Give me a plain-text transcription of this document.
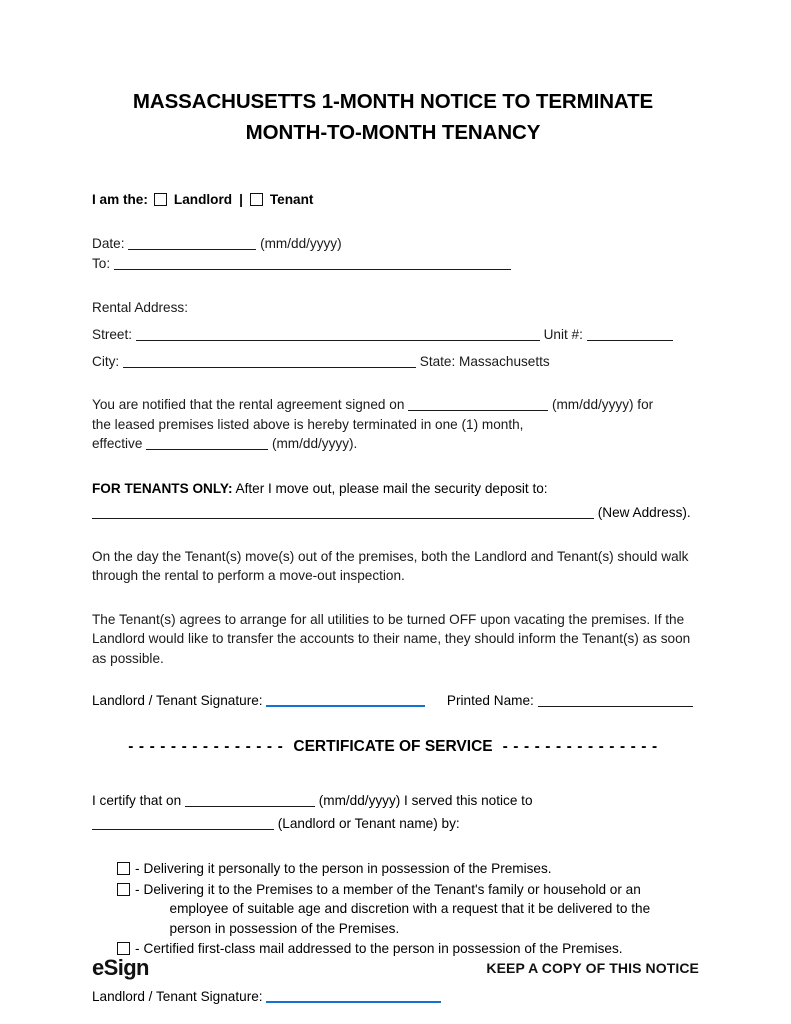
MASSACHUSETTS 1-MONTH NOTICE TO TERMINATE
MONTH-TO-MONTH TENANCY
I am the: Landlord | Tenant
Date:	(mm/dd/yyyy)
To:
Rental Address:
Street:	Unit #:
City:	State: Massachusetts
You are notified that the rental agreement signed on	(mm/dd/yyyy) for
the leased premises listed above is hereby terminated in one (1) month,
effective	(mm/dd/yyyy).
FOR TENANTS ONLY: After I move out, please mail the security deposit to:
(New Address).
On the day the Tenant(s) move(s) out of the premises, both the Landlord and Tenant(s) should walk through the rental to perform a move-out inspection.
The Tenant(s) agrees to arrange for all utilities to be turned OFF upon vacating the premises. If the Landlord would like to transfer the accounts to their name, they should inform the Tenant(s) as soon as possible.
Landlord / Tenant Signature:	Printed Name:
- - - - - - - - - - - - - - - CERTIFICATE OF SERVICE - - - - - - - - - - - - - - -
I certify that on	(mm/dd/yyyy) I served this notice to
(Landlord or Tenant name) by:
- Delivering it personally to the person in possession of the Premises.
- Delivering it to the Premises to a member of the Tenant's family or household or an
employee of suitable age and discretion with a request that it be delivered to the person in possession of the Premises.
- Certified first-class mail addressed to the person in possession of the Premises.
Landlord / Tenant Signature:
eSign	KEEP A COPY OF THIS NOTICE
